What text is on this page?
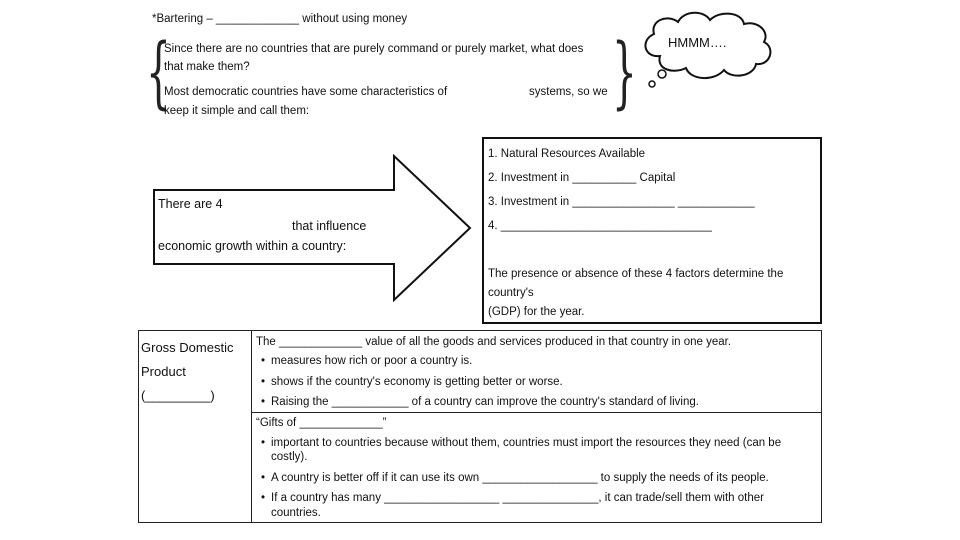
*Bartering – _____________ without using money
{
Since there are no countries that are purely command or purely market, what does
that make them?
Most democratic countries have some characteristics of	systems, so we
keep it simple and call them:	} HMMM….
There are 4
that influence
economic growth within a country:
1. Natural Resources Available
2. Investment in __________ Capital
3. Investment in ________________ ____________
4. _________________________________
The presence or absence of these 4 factors determine the
country's
(GDP) for the year.
Gross Domestic
Product
(_________)
The _____________ value of all the goods and services produced in that country in one year.
• measures how rich or poor a country is.
• shows if the country's economy is getting better or worse.
• Raising the ____________ of a country can improve the country's standard of living.
“Gifts of _____________”
• important to countries because without them, countries must import the resources they need (can be
costly).
• A country is better off if it can use its own __________________ to supply the needs of its people.
• If a country has many __________________ _______________, it can trade/sell them with other
countries.
